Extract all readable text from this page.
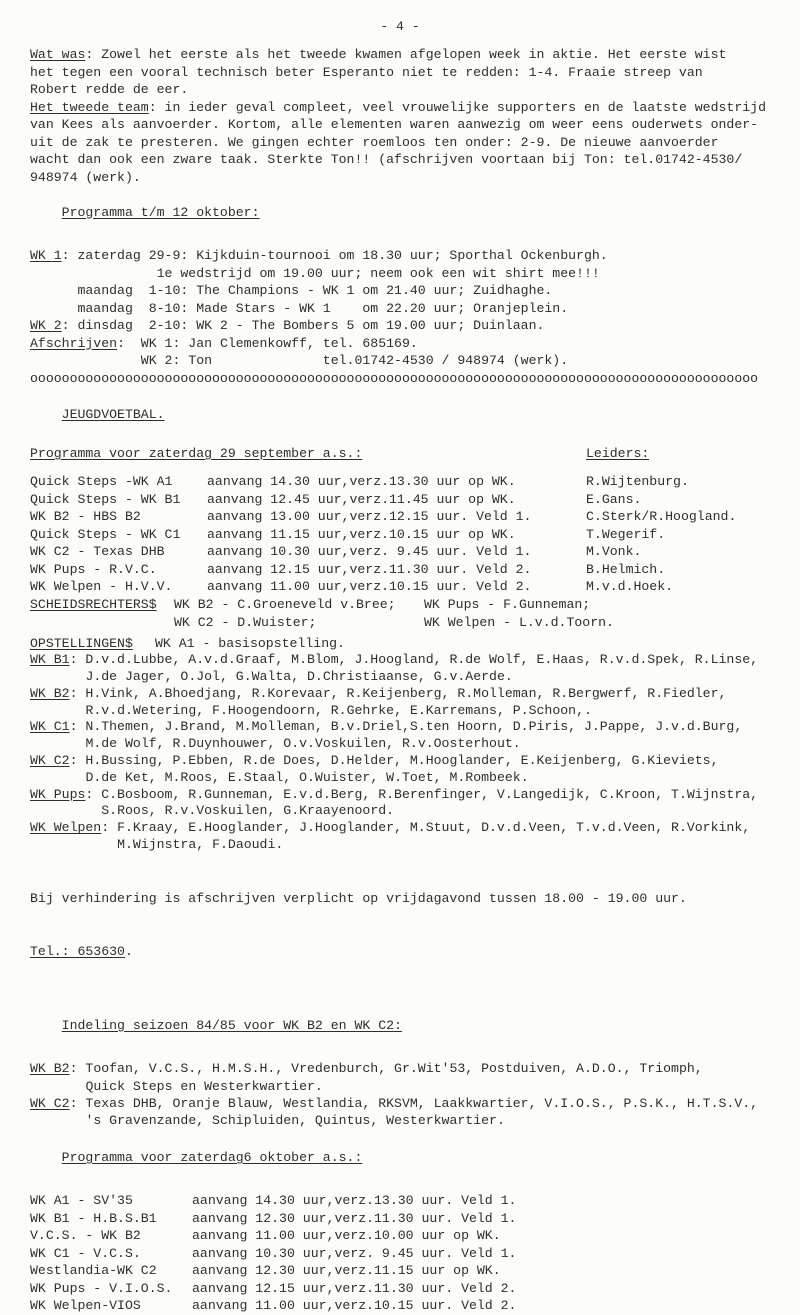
- 4 -
Wat was: Zowel het eerste als het tweede kwamen afgelopen week in aktie. Het eerste wist
het tegen een vooral technisch beter Esperanto niet te redden: 1-4. Fraaie streep van
Robert redde de eer.
Het tweede team: in ieder geval compleet, veel vrouwelijke supporters en de laatste wedstrijd
van Kees als aanvoerder. Kortom, alle elementen waren aanwezig om weer eens ouderwets onder-
uit de zak te presteren. We gingen echter roemloos ten onder: 2-9. De nieuwe aanvoerder
wacht dan ook een zware taak. Sterkte Ton!! (afschrijven voortaan bij Ton: tel.01742-4530/
948974 (werk).

Programma t/m 12 oktober:

WK 1: zaterdag 29-9: Kijkduin-tournooi om 18.30 uur; Sporthal Ockenburgh.
1e wedstrijd om 19.00 uur; neem ook een wit shirt mee!!!
maandag  1-10: The Champions - WK 1 om 21.40 uur; Zuidhaghe.
maandag  8-10: Made Stars - WK 1    om 22.20 uur; Oranjeplein.
WK 2: dinsdag  2-10: WK 2 - The Bombers 5 om 19.00 uur; Duinlaan.
Afschrijven:  WK 1: Jan Clemenkowff, tel. 685169.
WK 2: Ton              tel.01742-4530 / 948974 (werk).
oooooooooooooooooooooooooooooooooooooooooooooooooooooooooooooooooooooooooooooooooooooooooooo

JEUGDVOETBAL.

Programma voor zaterdag 29 september a.s.:	Leiders:
Quick Steps -WK A1	aanvang 14.30 uur,verz.13.30 uur op WK.	R.Wijtenburg.
Quick Steps - WK B1 aanvang 12.45 uur,verz.11.45 uur op WK.	E.Gans.
WK B2 - HBS B2	aanvang 13.00 uur,verz.12.15 uur. Veld 1.	C.Sterk/R.Hoogland.
Quick Steps - WK C1 aanvang 11.15 uur,verz.10.15 uur op WK.	T.Wegerif.
WK C2 - Texas DHB	aanvang 10.30 uur,verz. 9.45 uur. Veld 1.	M.Vonk.
WK Pups - R.V.C.	aanvang 12.15 uur,verz.11.30 uur. Veld 2.	B.Helmich.
WK Welpen - H.V.V.	aanvang 11.00 uur,verz.10.15 uur. Veld 2.	M.v.d.Hoek.
SCHEIDSRECHTERS$ WK B2 - C.Groeneveld v.Bree; WK Pups - F.Gunneman;
WK C2 - D.Wuister;	WK Welpen - L.v.d.Toorn.
OPSTELLINGEN$ WK A1 - basisopstelling.
WK B1: D.v.d.Lubbe, A.v.d.Graaf, M.Blom, J.Hoogland, R.de Wolf, E.Haas, R.v.d.Spek, R.Linse,
J.de Jager, O.Jol, G.Walta, D.Christiaanse, G.v.Aerde.
WK B2: H.Vink, A.Bhoedjang, R.Korevaar, R.Keijenberg, R.Molleman, R.Bergwerf, R.Fiedler,
R.v.d.Wetering, F.Hoogendoorn, R.Gehrke, E.Karremans, P.Schoon,.
WK C1: N.Themen, J.Brand, M.Molleman, B.v.Driel,S.ten Hoorn, D.Piris, J.Pappe, J.v.d.Burg,
M.de Wolf, R.Duynhouwer, O.v.Voskuilen, R.v.Oosterhout.
WK C2: H.Bussing, P.Ebben, R.de Does, D.Helder, M.Hooglander, E.Keijenberg, G.Kieviets,
D.de Ket, M.Roos, E.Staal, O.Wuister, W.Toet, M.Rombeek.
WK Pups: C.Bosboom, R.Gunneman, E.v.d.Berg, R.Berenfinger, V.Langedijk, C.Kroon, T.Wijnstra,
S.Roos, R.v.Voskuilen, G.Kraayenoord.
WK Welpen: F.Kraay, E.Hooglander, J.Hooglander, M.Stuut, D.v.d.Veen, T.v.d.Veen, R.Vorkink,
M.Wijnstra, F.Daoudi.

Bij verhindering is afschrijven verplicht op vrijdagavond tussen 18.00 - 19.00 uur.

Tel.: 653630.

Indeling seizoen 84/85 voor WK B2 en WK C2:

WK B2: Toofan, V.C.S., H.M.S.H., Vredenburch, Gr.Wit'53, Postduiven, A.D.O., Triomph,
Quick Steps en Westerkwartier.
WK C2: Texas DHB, Oranje Blauw, Westlandia, RKSVM, Laakkwartier, V.I.O.S., P.S.K., H.T.S.V.,
's Gravenzande, Schipluiden, Quintus, Westerkwartier.

Programma voor zaterdag6 oktober a.s.:

WK A1 - SV'35	aanvang 14.30 uur,verz.13.30 uur. Veld 1.
WK B1 - H.B.S.B1	aanvang 12.30 uur,verz.11.30 uur. Veld 1.
V.C.S. - WK B2	aanvang 11.00 uur,verz.10.00 uur op WK.
WK C1 - V.C.S.	aanvang 10.30 uur,verz. 9.45 uur. Veld 1.
Westlandia-WK C2	aanvang 12.30 uur,verz.11.15 uur op WK.
WK Pups - V.I.O.S. aanvang 12.15 uur,verz.11.30 uur. Veld 2.
WK Welpen-VIOS	aanvang 11.00 uur,verz.10.15 uur. Veld 2.
